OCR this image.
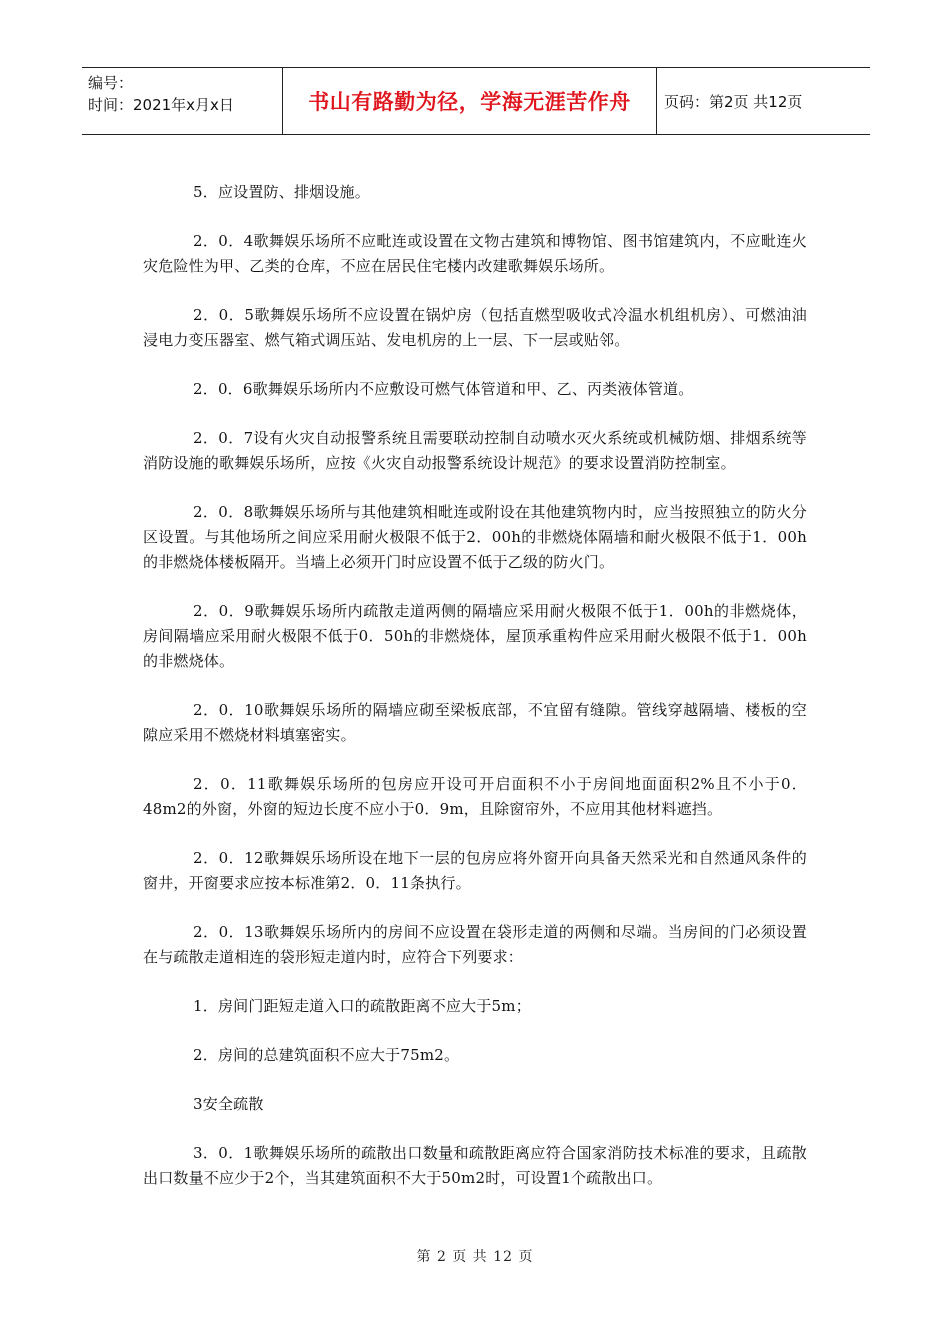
编号：
时间：2021年x月x日	书山有路勤为径，学海无涯苦作舟 页码：第2页 共12页

5．应设置防、排烟设施。

2．0．4歌舞娱乐场所不应毗连或设置在文物古建筑和博物馆、图书馆建筑内，不应毗连火灾危险性为甲、乙类的仓库，不应在居民住宅楼内改建歌舞娱乐场所。

2．0．5歌舞娱乐场所不应设置在锅炉房（包括直燃型吸收式冷温水机组机房）、可燃油油浸电力变压器室、燃气箱式调压站、发电机房的上一层、下一层或贴邻。

2．0．6歌舞娱乐场所内不应敷设可燃气体管道和甲、乙、丙类液体管道。

2．0．7设有火灾自动报警系统且需要联动控制自动喷水灭火系统或机械防烟、排烟系统等消防设施的歌舞娱乐场所，应按《火灾自动报警系统设计规范》的要求设置消防控制室。

2．0．8歌舞娱乐场所与其他建筑相毗连或附设在其他建筑物内时，应当按照独立的防火分区设置。与其他场所之间应采用耐火极限不低于2．00h的非燃烧体隔墙和耐火极限不低于1．00h的非燃烧体楼板隔开。当墙上必须开门时应设置不低于乙级的防火门。

2．0．9歌舞娱乐场所内疏散走道两侧的隔墙应采用耐火极限不低于1．00h的非燃烧体，房间隔墙应采用耐火极限不低于0．50h的非燃烧体，屋顶承重构件应采用耐火极限不低于1．00h的非燃烧体。

2．0．10歌舞娱乐场所的隔墙应砌至梁板底部，不宜留有缝隙。管线穿越隔墙、楼板的空隙应采用不燃烧材料填塞密实。

2．0．11歌舞娱乐场所的包房应开设可开启面积不小于房间地面面积2%且不小于0．48m2的外窗，外窗的短边长度不应小于0．9m，且除窗帘外，不应用其他材料遮挡。

2．0．12歌舞娱乐场所设在地下一层的包房应将外窗开向具备天然采光和自然通风条件的窗井，开窗要求应按本标准第2．0．11条执行。

2．0．13歌舞娱乐场所内的房间不应设置在袋形走道的两侧和尽端。当房间的门必须设置在与疏散走道相连的袋形短走道内时，应符合下列要求：

1．房间门距短走道入口的疏散距离不应大于5m；

2．房间的总建筑面积不应大于75m2。

3安全疏散

3．0．1歌舞娱乐场所的疏散出口数量和疏散距离应符合国家消防技术标准的要求，且疏散出口数量不应少于2个，当其建筑面积不大于50m2时，可设置1个疏散出口。

第 2 页 共 12 页
